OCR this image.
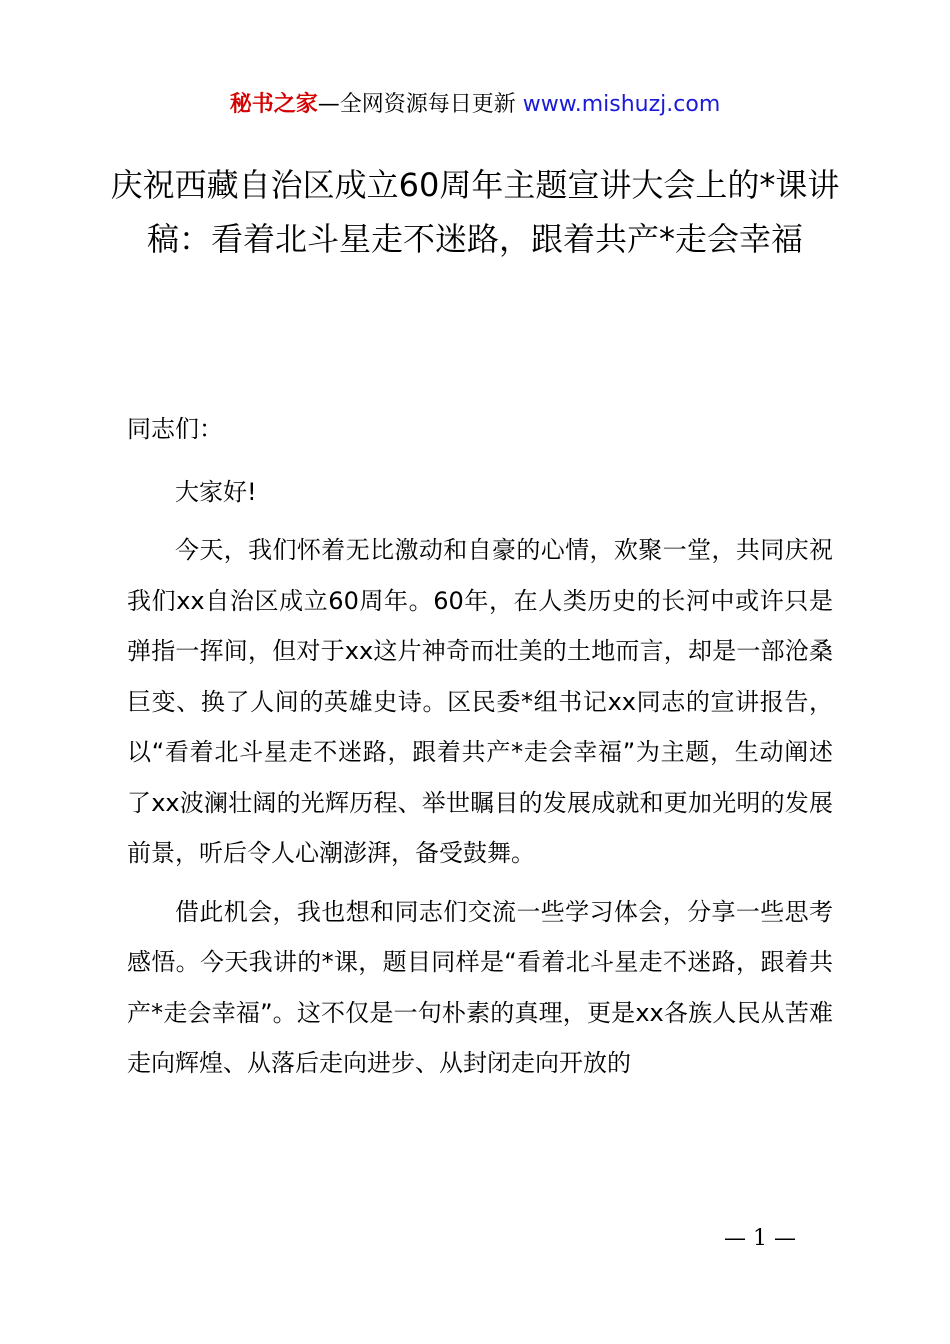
秘书之家—全网资源每日更新 www.mishuzj.com
庆祝西藏自治区成立60周年主题宣讲大会上的*课讲稿：看着北斗星走不迷路，跟着共产*走会幸福

同志们：

大家好!

今天，我们怀着无比激动和自豪的心情，欢聚一堂，共同庆祝我们xx自治区成立60周年。60年，在人类历史的长河中或许只是弹指一挥间，但对于xx这片神奇而壮美的土地而言，却是一部沧桑巨变、换了人间的英雄史诗。区民委*组书记xx同志的宣讲报告，以“看着北斗星走不迷路，跟着共产*走会幸福”为主题，生动阐述了xx波澜壮阔的光辉历程、举世瞩目的发展成就和更加光明的发展前景，听后令人心潮澎湃，备受鼓舞。

借此机会，我也想和同志们交流一些学习体会，分享一些思考感悟。今天我讲的*课，题目同样是“看着北斗星走不迷路，跟着共产*走会幸福”。这不仅是一句朴素的真理，更是xx各族人民从苦难走向辉煌、从落后走向进步、从封闭走向开放的

— 1 —
